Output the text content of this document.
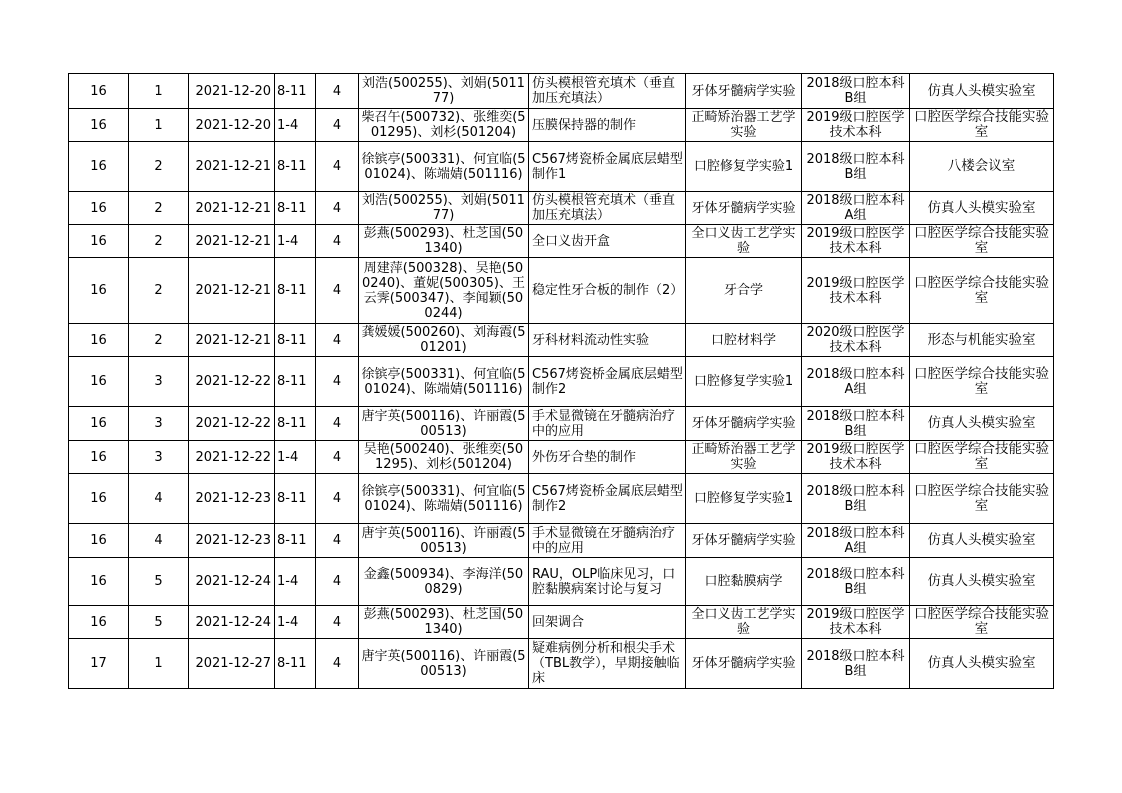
16	1	2021-12-20	8-11	4	刘浩(500255)、刘娟(501177)	仿头模根管充填术（垂直加压充填法）	牙体牙髓病学实验	2018级口腔本科B组	仿真人头模实验室
16	1	2021-12-20	1-4	4	柴召午(500732)、张维奕(501295)、刘杉(501204)	压膜保持器的制作	正畸矫治器工艺学实验	2019级口腔医学技术本科	口腔医学综合技能实验室
16	2	2021-12-21	8-11	4	徐镔亭(500331)、何宜临(501024)、陈端婧(501116)	C567烤瓷桥金属底层蜡型制作1	口腔修复学实验1	2018级口腔本科B组	八楼会议室
16	2	2021-12-21	8-11	4	刘浩(500255)、刘娟(501177)	仿头模根管充填术（垂直加压充填法）	牙体牙髓病学实验	2018级口腔本科A组	仿真人头模实验室
16	2	2021-12-21	1-4	4	彭燕(500293)、杜芝国(501340)	全口义齿开盒	全口义齿工艺学实验	2019级口腔医学技术本科	口腔医学综合技能实验室
16	2	2021-12-21	8-11	4	周建萍(500328)、吴艳(500240)、董妮(500305)、王云霁(500347)、李闻颖(500244)	稳定性牙合板的制作（2）	牙合学	2019级口腔医学技术本科	口腔医学综合技能实验室
16	2	2021-12-21	8-11	4	龚媛媛(500260)、刘海霞(501201)	牙科材料流动性实验	口腔材料学	2020级口腔医学技术本科	形态与机能实验室
16	3	2021-12-22	8-11	4	徐镔亭(500331)、何宜临(501024)、陈端婧(501116)	C567烤瓷桥金属底层蜡型制作2	口腔修复学实验1	2018级口腔本科A组	口腔医学综合技能实验室
16	3	2021-12-22	8-11	4	唐宇英(500116)、许丽霞(500513)	手术显微镜在牙髓病治疗中的应用	牙体牙髓病学实验	2018级口腔本科B组	仿真人头模实验室
16	3	2021-12-22	1-4	4	吴艳(500240)、张维奕(501295)、刘杉(501204)	外伤牙合垫的制作	正畸矫治器工艺学实验	2019级口腔医学技术本科	口腔医学综合技能实验室
16	4	2021-12-23	8-11	4	徐镔亭(500331)、何宜临(501024)、陈端婧(501116)	C567烤瓷桥金属底层蜡型制作2	口腔修复学实验1	2018级口腔本科B组	口腔医学综合技能实验室
16	4	2021-12-23	8-11	4	唐宇英(500116)、许丽霞(500513)	手术显微镜在牙髓病治疗中的应用	牙体牙髓病学实验	2018级口腔本科A组	仿真人头模实验室
16	5	2021-12-24	1-4	4	金鑫(500934)、李海洋(500829)	RAU，OLP临床见习，口腔黏膜病案讨论与复习	口腔黏膜病学	2018级口腔本科B组	仿真人头模实验室
16	5	2021-12-24	1-4	4	彭燕(500293)、杜芝国(501340)	回架调合	全口义齿工艺学实验	2019级口腔医学技术本科	口腔医学综合技能实验室
17	1	2021-12-27	8-11	4	唐宇英(500116)、许丽霞(500513)	疑难病例分析和根尖手术（TBL教学），早期接触临床	牙体牙髓病学实验	2018级口腔本科B组	仿真人头模实验室
